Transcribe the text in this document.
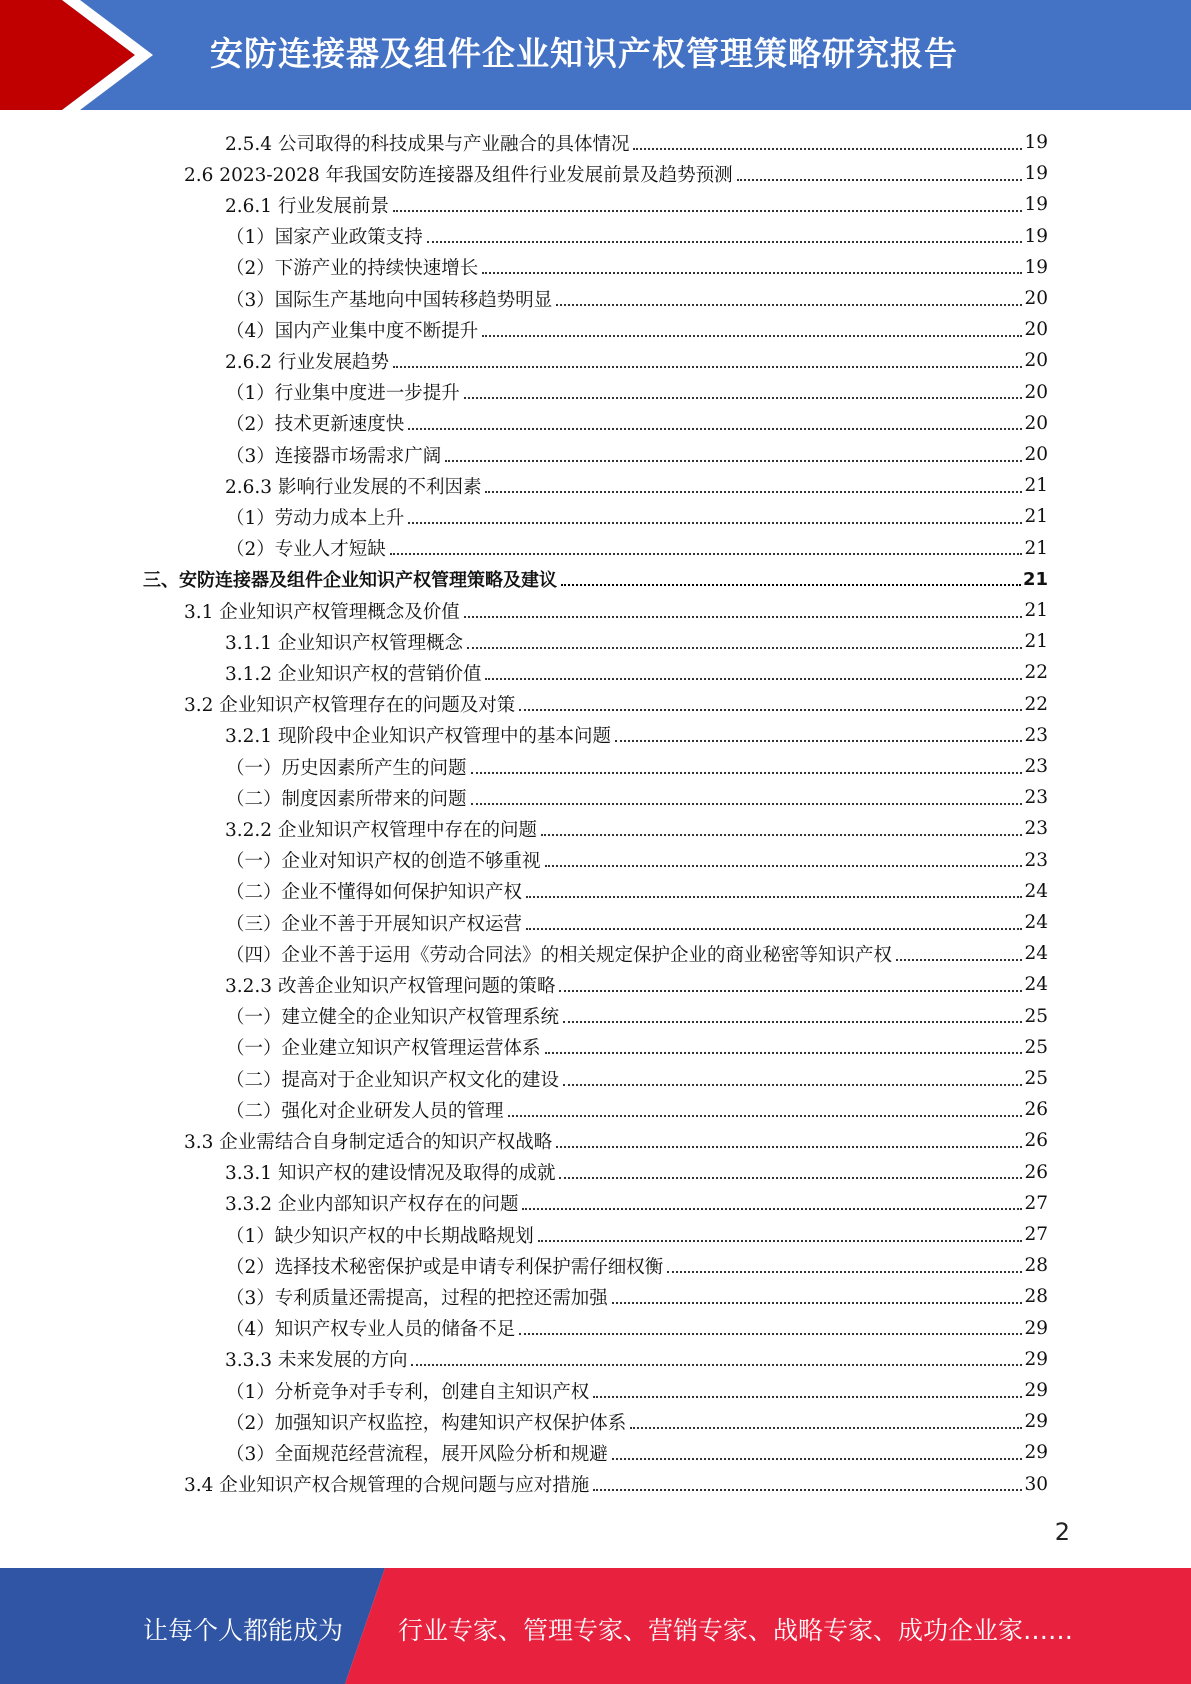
安防连接器及组件企业知识产权管理策略研究报告
2.5.4 公司取得的科技成果与产业融合的具体情况	19
2.6 2023-2028 年我国安防连接器及组件行业发展前景及趋势预测	19
2.6.1 行业发展前景	19
（1）国家产业政策支持	19
（2）下游产业的持续快速增长	19
（3）国际生产基地向中国转移趋势明显	20
（4）国内产业集中度不断提升	20
2.6.2 行业发展趋势	20
（1）行业集中度进一步提升	20
（2）技术更新速度快	20
（3）连接器市场需求广阔	20
2.6.3 影响行业发展的不利因素	21
（1）劳动力成本上升	21
（2）专业人才短缺	21
三、安防连接器及组件企业知识产权管理策略及建议	21
3.1 企业知识产权管理概念及价值	21
3.1.1 企业知识产权管理概念	21
3.1.2 企业知识产权的营销价值	22
3.2 企业知识产权管理存在的问题及对策	22
3.2.1 现阶段中企业知识产权管理中的基本问题	23
（一）历史因素所产生的问题	23
（二）制度因素所带来的问题	23
3.2.2 企业知识产权管理中存在的问题	23
（一）企业对知识产权的创造不够重视	23
（二）企业不懂得如何保护知识产权	24
（三）企业不善于开展知识产权运营	24
（四）企业不善于运用《劳动合同法》的相关规定保护企业的商业秘密等知识产权	24
3.2.3 改善企业知识产权管理问题的策略	24
（一）建立健全的企业知识产权管理系统	25
（一）企业建立知识产权管理运营体系	25
（二）提高对于企业知识产权文化的建设	25
（二）强化对企业研发人员的管理	26
3.3 企业需结合自身制定适合的知识产权战略	26
3.3.1 知识产权的建设情况及取得的成就	26
3.3.2 企业内部知识产权存在的问题	27
（1）缺少知识产权的中长期战略规划	27
（2）选择技术秘密保护或是申请专利保护需仔细权衡	28
（3）专利质量还需提高，过程的把控还需加强	28
（4）知识产权专业人员的储备不足	29
3.3.3 未来发展的方向	29
（1）分析竞争对手专利，创建自主知识产权	29
（2）加强知识产权监控，构建知识产权保护体系	29
（3）全面规范经营流程，展开风险分析和规避	29
3.4 企业知识产权合规管理的合规问题与应对措施	30
2
让每个人都能成为 行业专家、管理专家、营销专家、战略专家、成功企业家……
